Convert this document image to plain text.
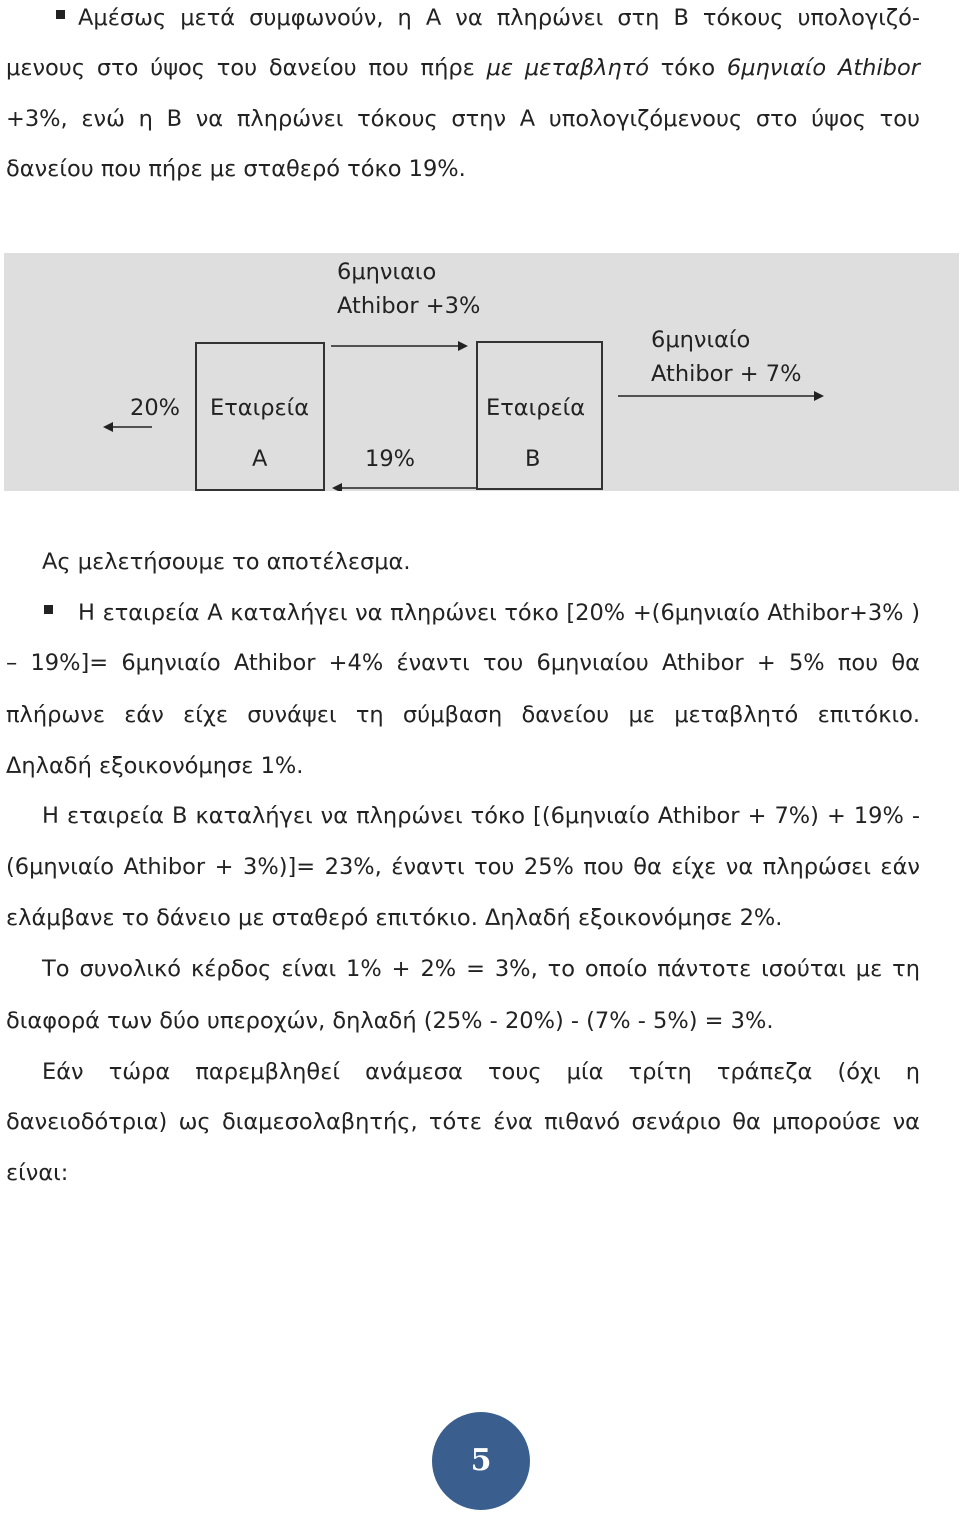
Αμέσως μετά συμφωνούν, η Α να πληρώνει στη Β τόκους υπολογιζό-
μενους στο ύψος του δανείου που πήρε με μεταβλητό τόκο 6μηνιαίο Athibor
+3%, ενώ η Β να πληρώνει τόκους στην Α υπολογιζόμενους στο ύψος του
δανείου που πήρε με σταθερό τόκο 19%.
6μηνιαιο
Athibor +3%
6μηνιαίο
Athibor + 7%
20% Εταιρεία
Α
Εταιρεία
Β
19%
Ας μελετήσουμε το αποτέλεσμα.
Η εταιρεία Α καταλήγει να πληρώνει τόκο [20% +(6μηνιαίο Athibor+3% )
– 19%]= 6μηνιαίο Athibor +4% έναντι του 6μηνιαίου Athibor + 5% που θα
πλήρωνε εάν είχε συνάψει τη σύμβαση δανείου με μεταβλητό επιτόκιο.
Δηλαδή εξοικονόμησε 1%.
Η εταιρεία Β καταλήγει να πληρώνει τόκο [(6μηνιαίο Athibor + 7%) + 19% -
(6μηνιαίο Athibor + 3%)]= 23%, έναντι του 25% που θα είχε να πληρώσει εάν
ελάμβανε το δάνειο με σταθερό επιτόκιο. Δηλαδή εξοικονόμησε 2%.
Το συνολικό κέρδος είναι 1% + 2% = 3%, το οποίο πάντοτε ισούται με τη
διαφορά των δύο υπεροχών, δηλαδή (25% - 20%) - (7% - 5%) = 3%.
Εάν τώρα παρεμβληθεί ανάμεσα τους μία τρίτη τράπεζα (όχι η
δανειοδότρια) ως διαμεσολαβητής, τότε ένα πιθανό σενάριο θα μπορούσε να
είναι:
5
